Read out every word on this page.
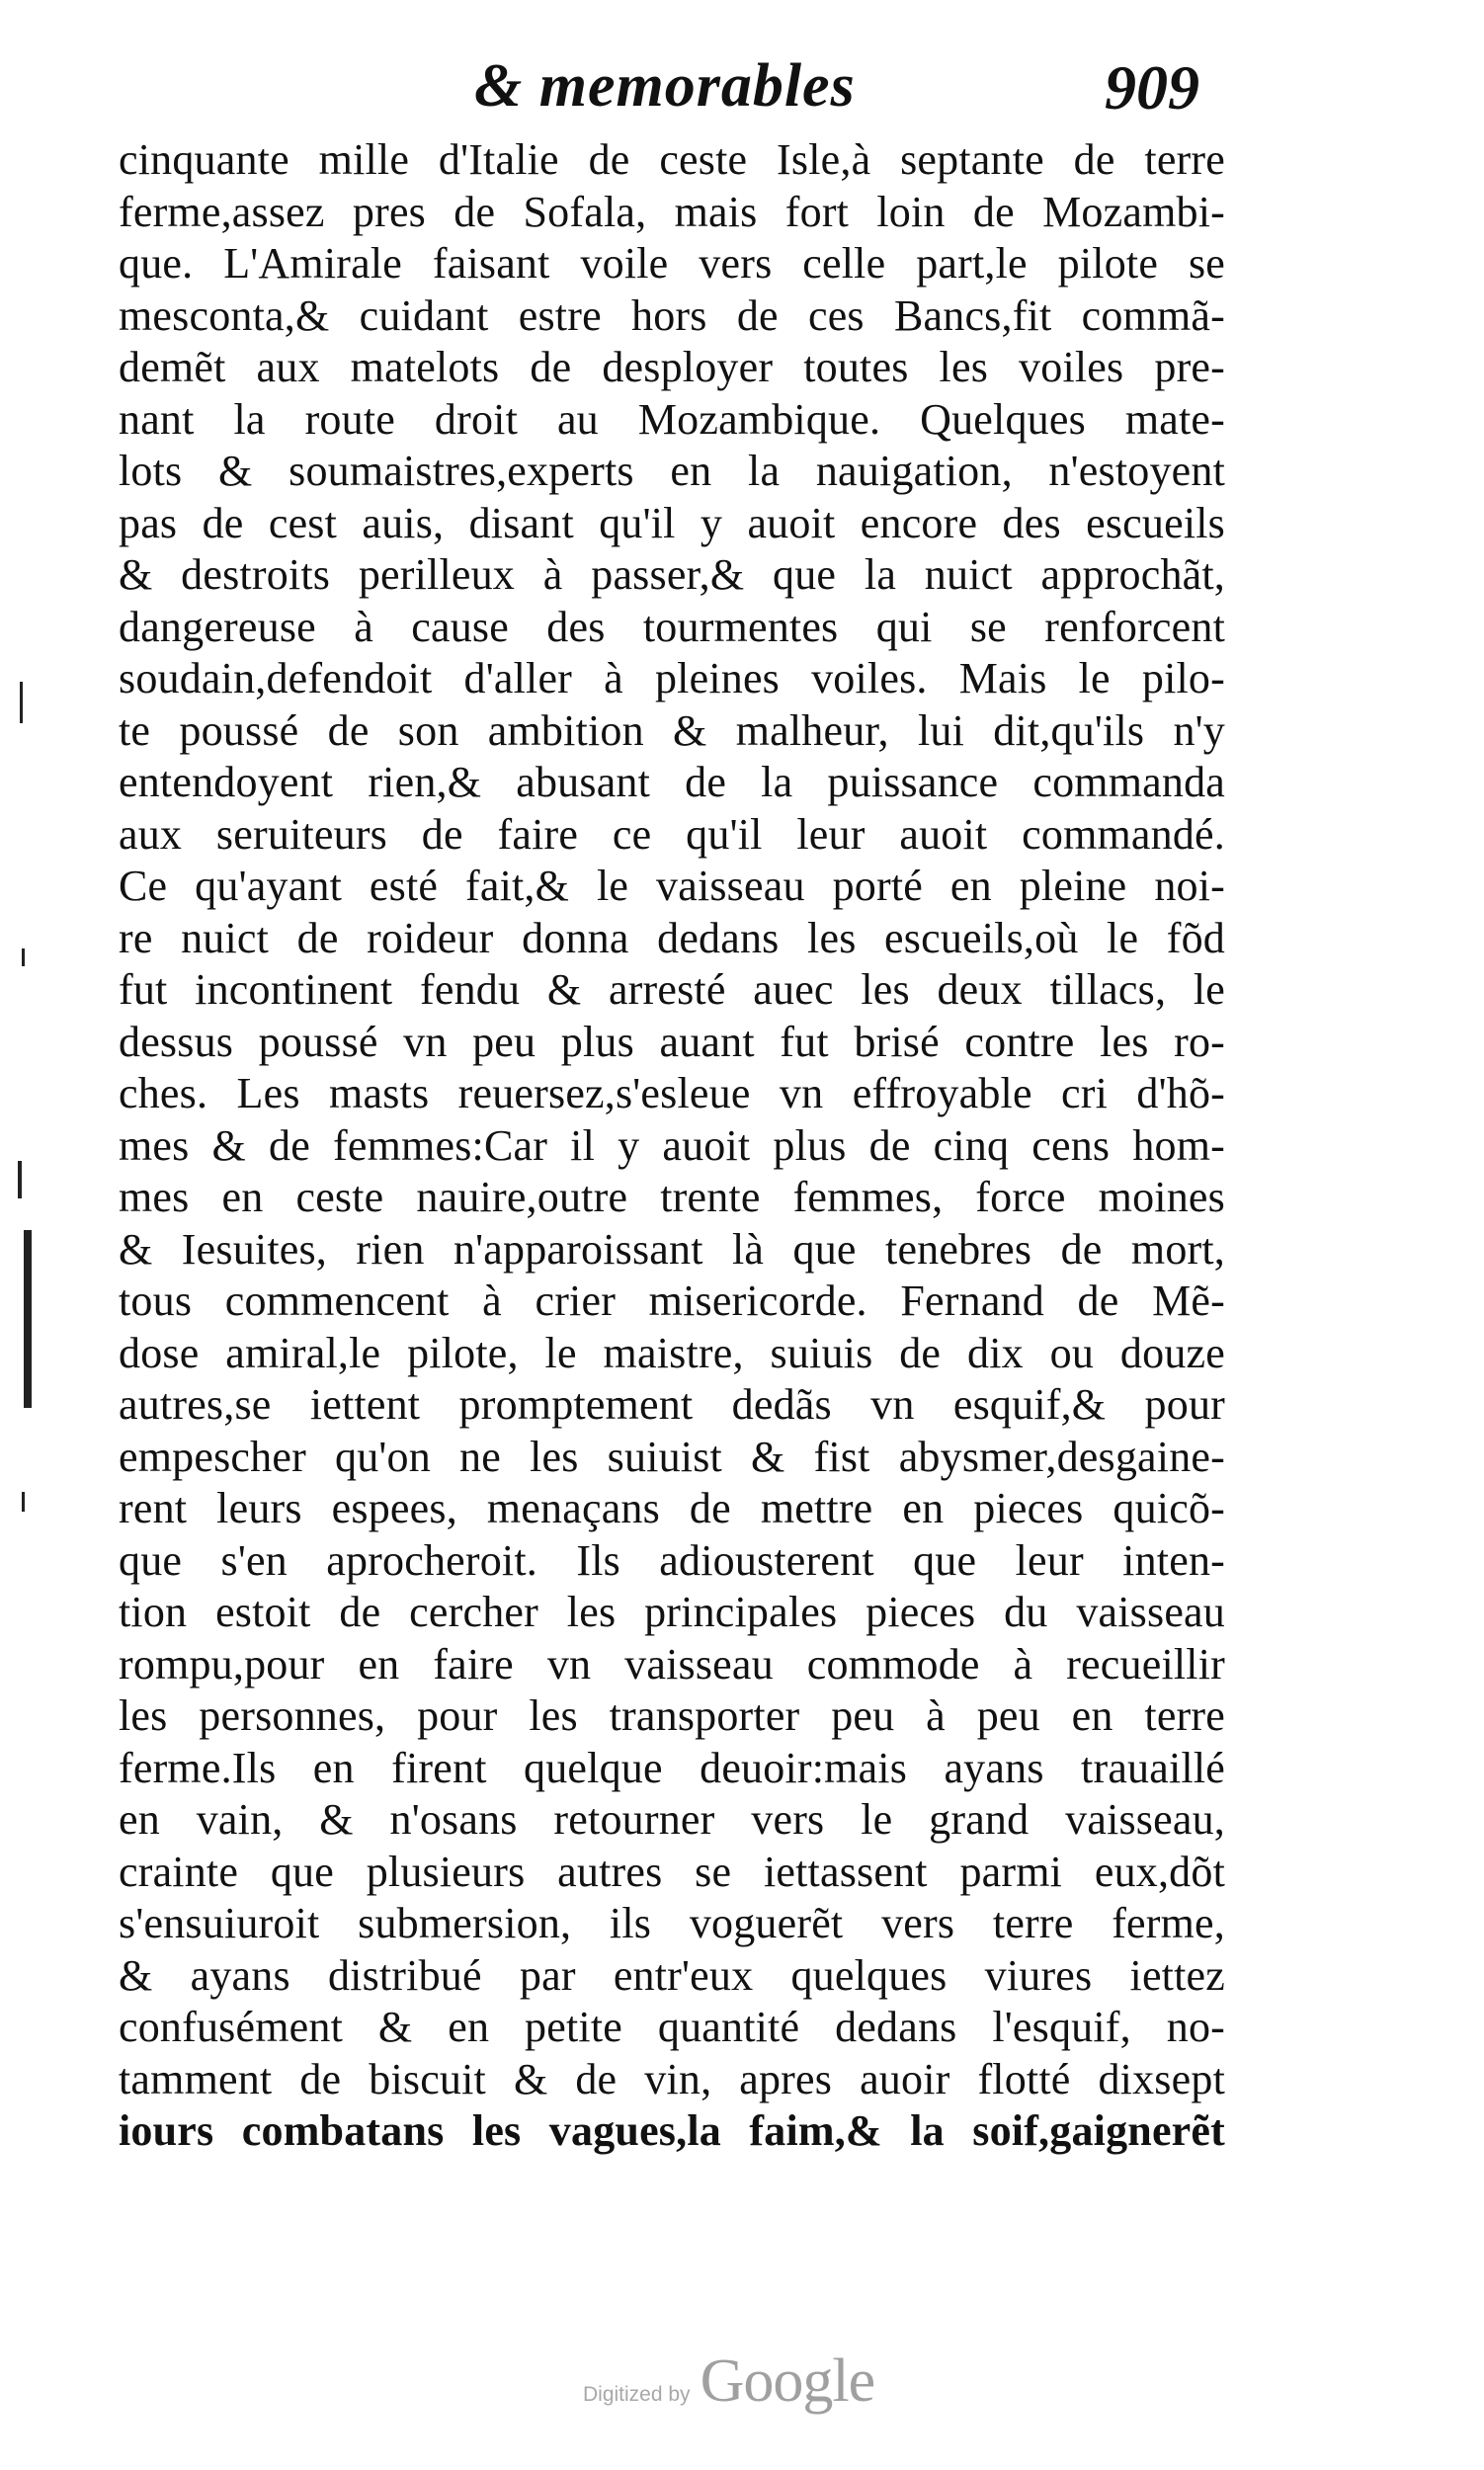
& memorables	909
cinquante mille d'Italie de ceste Isle,à septante de terre
ferme,assez pres de Sofala, mais fort loin de Mozambi-
que. L'Amirale faisant voile vers celle part,le pilote se
mesconta,& cuidant estre hors de ces Bancs,fit commã-
demẽt aux matelots de desployer toutes les voiles pre-
nant la route droit au Mozambique. Quelques mate-
lots & soumaistres,experts en la nauigation, n'estoyent
pas de cest auis, disant qu'il y auoit encore des escueils
& destroits perilleux à passer,& que la nuict approchãt,
dangereuse à cause des tourmentes qui se renforcent
soudain,defendoit d'aller à pleines voiles. Mais le pilo-
te poussé de son ambition & malheur, lui dit,qu'ils n'y
entendoyent rien,& abusant de la puissance commanda
aux seruiteurs de faire ce qu'il leur auoit commandé.
Ce qu'ayant esté fait,& le vaisseau porté en pleine noi-
re nuict de roideur donna dedans les escueils,où le fõd
fut incontinent fendu & arresté auec les deux tillacs, le
dessus poussé vn peu plus auant fut brisé contre les ro-
ches. Les masts reuersez,s'esleue vn effroyable cri d'hõ-
mes & de femmes:Car il y auoit plus de cinq cens hom-
mes en ceste nauire,outre trente femmes, force moines
& Iesuites, rien n'apparoissant là que tenebres de mort,
tous commencent à crier misericorde. Fernand de Mẽ-
dose amiral,le pilote, le maistre, suiuis de dix ou douze
autres,se iettent promptement dedãs vn esquif,& pour
empescher qu'on ne les suiuist & fist abysmer,desgaine-
rent leurs espees, menaçans de mettre en pieces quicõ-
que s'en aprocheroit. Ils adiousterent que leur inten-
tion estoit de cercher les principales pieces du vaisseau
rompu,pour en faire vn vaisseau commode à recueillir
les personnes, pour les transporter peu à peu en terre
ferme.Ils en firent quelque deuoir:mais ayans trauaillé
en vain, & n'osans retourner vers le grand vaisseau,
crainte que plusieurs autres se iettassent parmi eux,dõt
s'ensuiuroit submersion, ils voguerẽt vers terre ferme,
& ayans distribué par entr'eux quelques viures iettez
confusément & en petite quantité dedans l'esquif, no-
tamment de biscuit & de vin, apres auoir flotté dixsept
iours combatans les vagues,la faim,& la soif,gaignerẽt
Digitized by Google
